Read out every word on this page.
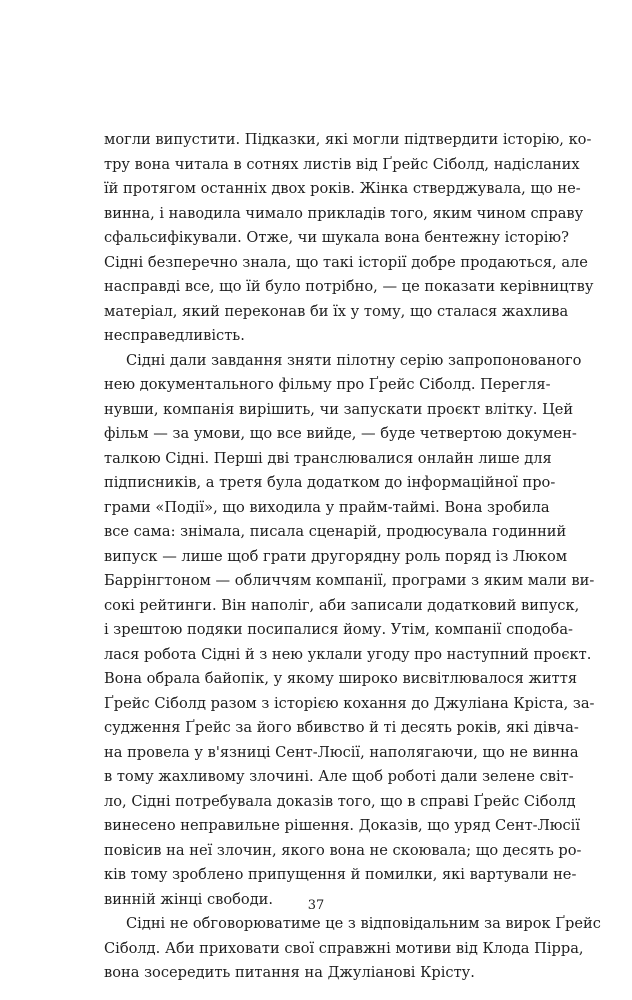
могли випустити. Підказки, які могли підтвердити історію, ко-
тру вона читала в сотнях листів від Ґрейс Сіболд, надісланих
їй протягом останніх двох років. Жінка стверджувала, що не-
винна, і наводила чимало прикладів того, яким чином справу
сфальсифікували. Отже, чи шукала вона бентежну історію?
Сідні безперечно знала, що такі історії добре продаються, але
насправді все, що їй було потрібно, — це показати керівництву
матеріал, який переконав би їх у тому, що сталася жахлива
несправедливість.
Сідні дали завдання зняти пілотну серію запропонованого
нею документального фільму про Ґрейс Сіболд. Перегля-
нувши, компанія вирішить, чи запускати проєкт влітку. Цей
фільм — за умови, що все вийде, — буде четвертою докумен-
талкою Сідні. Перші дві транслювалися онлайн лише для
підписників, а третя була додатком до інформаційної про-
грами «Події», що виходила у прайм-таймі. Вона зробила
все сама: знімала, писала сценарій, продюсувала годинний
випуск — лише щоб грати другорядну роль поряд із Люком
Баррінгтоном — обличчям компанії, програми з яким мали ви-
сокі рейтинги. Він наполіг, аби записали додатковий випуск,
і зрештою подяки посипалися йому. Утім, компанії сподоба-
лася робота Сідні й з нею уклали угоду про наступний проєкт.
Вона обрала байопік, у якому широко висвітлювалося життя
Ґрейс Сіболд разом з історією кохання до Джуліана Кріста, за-
судження Ґрейс за його вбивство й ті десять років, які дівча-
на провела у в'язниці Сент-Люсії, наполягаючи, що не винна
в тому жахливому злочині. Але щоб роботі дали зелене світ-
ло, Сідні потребувала доказів того, що в справі Ґрейс Сіболд
винесено неправильне рішення. Доказів, що уряд Сент-Люсії
повісив на неї злочин, якого вона не скоювала; що десять ро-
ків тому зроблено припущення й помилки, які вартували не-
винній жінці свободи.
Сідні не обговорюватиме це з відповідальним за вирок Ґрейс
Сіболд. Аби приховати свої справжні мотиви від Клода Пірра,
вона зосередить питання на Джуліанові Крісту.
37
